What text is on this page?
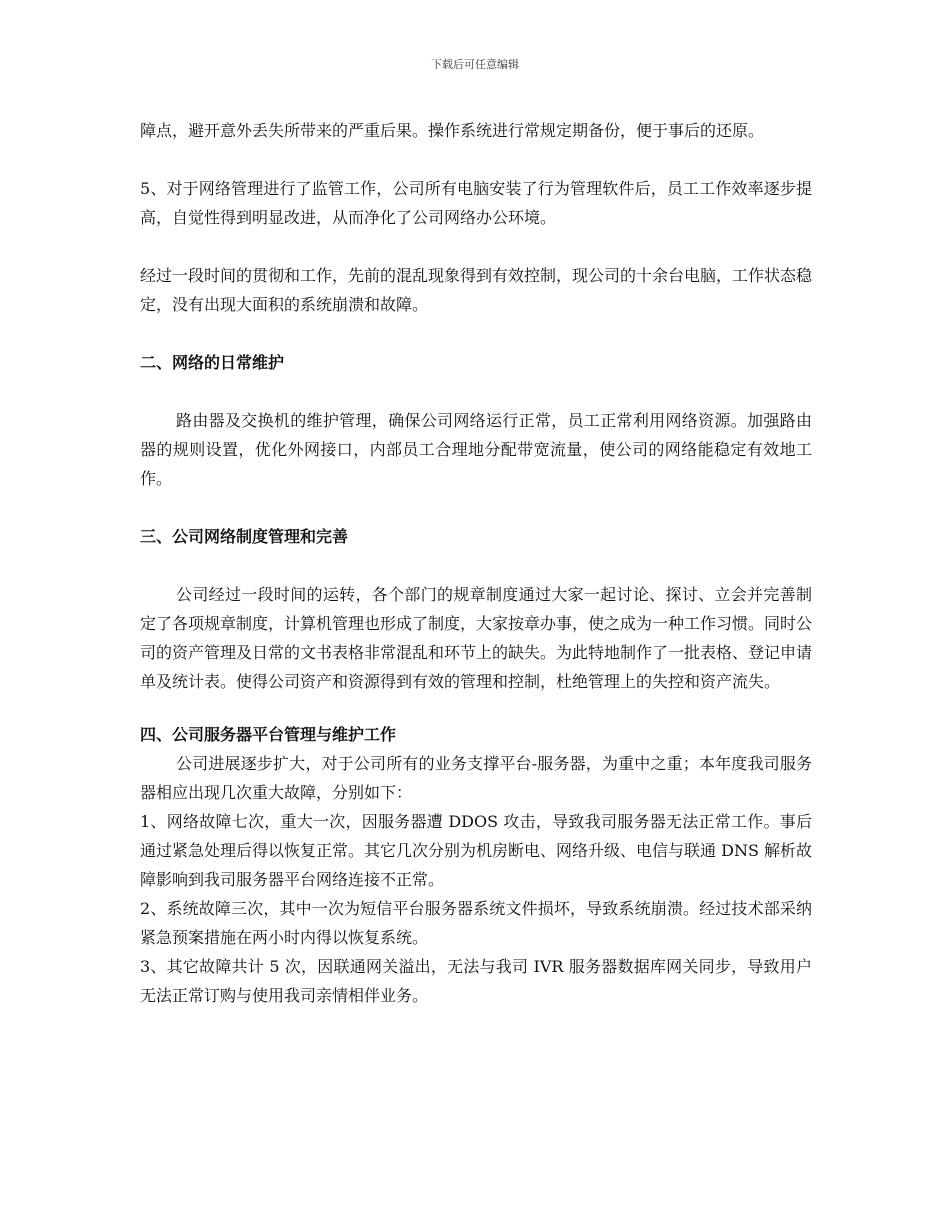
下载后可任意编辑

障点，避开意外丢失所带来的严重后果。操作系统进行常规定期备份，便于事后的还原。

5、对于网络管理进行了监管工作，公司所有电脑安装了行为管理软件后，员工工作效率逐步提高，自觉性得到明显改进，从而净化了公司网络办公环境。

经过一段时间的贯彻和工作，先前的混乱现象得到有效控制，现公司的十余台电脑，工作状态稳定，没有出现大面积的系统崩溃和故障。

二、网络的日常维护

路由器及交换机的维护管理，确保公司网络运行正常，员工正常利用网络资源。加强路由器的规则设置，优化外网接口，内部员工合理地分配带宽流量，使公司的网络能稳定有效地工作。

三、公司网络制度管理和完善

公司经过一段时间的运转，各个部门的规章制度通过大家一起讨论、探讨、立会并完善制定了各项规章制度，计算机管理也形成了制度，大家按章办事，使之成为一种工作习惯。同时公司的资产管理及日常的文书表格非常混乱和环节上的缺失。为此特地制作了一批表格、登记申请单及统计表。使得公司资产和资源得到有效的管理和控制，杜绝管理上的失控和资产流失。

四、公司服务器平台管理与维护工作

公司进展逐步扩大，对于公司所有的业务支撑平台-服务器，为重中之重；本年度我司服务器相应出现几次重大故障，分别如下：

1、网络故障七次，重大一次，因服务器遭 DDOS 攻击，导致我司服务器无法正常工作。事后通过紧急处理后得以恢复正常。其它几次分别为机房断电、网络升级、电信与联通 DNS 解析故障影响到我司服务器平台网络连接不正常。

2、系统故障三次，其中一次为短信平台服务器系统文件损坏，导致系统崩溃。经过技术部采纳紧急预案措施在两小时内得以恢复系统。

3、其它故障共计 5 次，因联通网关溢出，无法与我司 IVR 服务器数据库网关同步，导致用户无法正常订购与使用我司亲情相伴业务。
